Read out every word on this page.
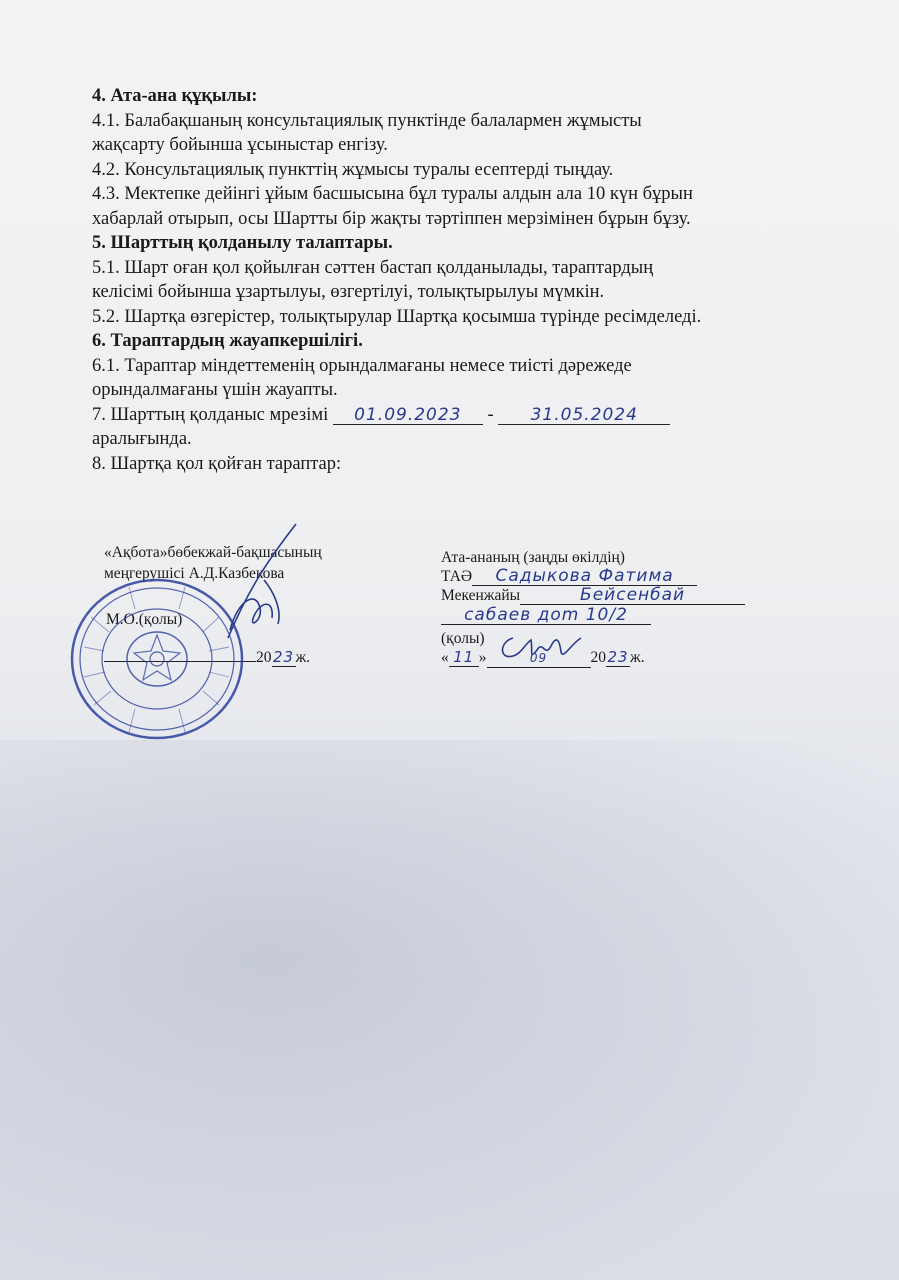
4. Ата-ана құқылы:
4.1. Балабақшаның консультациялық пунктінде балалармен жұмысты
жақсарту бойынша ұсыныстар енгізу.
4.2. Консультациялық пункттің жұмысы туралы есептерді тыңдау.
4.3. Мектепке дейінгі ұйым басшысына бұл туралы алдын ала 10 күн бұрын
хабарлай отырып, осы Шартты бір жақты тәртіппен мерзімінен бұрын бұзу.
5. Шарттың қолданылу талаптары.
5.1. Шарт оған қол қойылған сәттен бастап қолданылады, тараптардың
келісімі бойынша ұзартылуы, өзгертілуі, толықтырылуы мүмкін.
5.2. Шартқа өзгерістер, толықтырулар Шартқа қосымша түрінде ресімделеді.
6. Тараптардың жауапкершілігі.
6.1. Тараптар міндеттеменің орындалмағаны немесе тиісті дәрежеде
орындалмағаны үшін жауапты.
7. Шарттың қолданыс мрезімі 01.09.2023 - 31.05.2024
аралығында.
8. Шартқа қол қойған тараптар:
«Ақбота»бөбекжай-бақшасының
меңгерушісі А.Д.Казбекова
М.О.(қолы)
2023ж.
Ата-ананың (заңды өкілдің)
ТАӘ Садыкова Фатима
Мекенжайы	Бейсенбай
сабаев доm 10/2
(қолы)
« 11 »	09	2023ж.
